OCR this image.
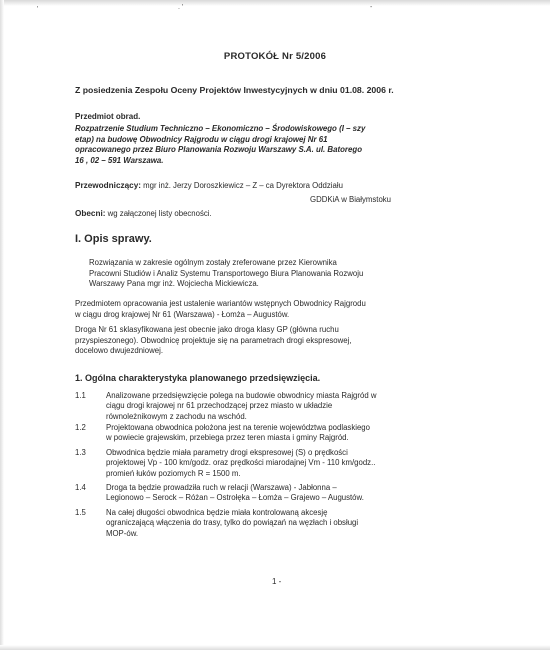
'	. '	-
PROTOKÓŁ Nr 5/2006
Z posiedzenia Zespołu Oceny Projektów Inwestycyjnych w dniu 01.08. 2006 r.
Przedmiot obrad.
Rozpatrzenie Studium Techniczno – Ekonomiczno – Środowiskowego (I – szy
etap) na budowę Obwodnicy Rajgrodu w ciągu drogi krajowej Nr 61
opracowanego przez Biuro Planowania Rozwoju Warszawy S.A. ul. Batorego
16 , 02 – 591 Warszawa.
Przewodniczący: mgr inż. Jerzy Doroszkiewicz – Z – ca Dyrektora Oddziału
GDDKiA w Białymstoku
Obecni: wg załączonej listy obecności.
I. Opis sprawy.
Rozwiązania w zakresie ogólnym zostały zreferowane przez Kierownika
Pracowni Studiów i Analiz Systemu Transportowego Biura Planowania Rozwoju
Warszawy Pana mgr inż. Wojciecha Mickiewicza.
Przedmiotem opracowania jest ustalenie wariantów wstępnych Obwodnicy Rajgrodu
w ciągu drog krajowej Nr 61 (Warszawa) - Łomża – Augustów.
Droga Nr 61 sklasyfikowana jest obecnie jako droga klasy GP (główna ruchu
przyspieszonego). Obwodnicę projektuje się na parametrach drogi ekspresowej,
docelowo dwujezdniowej.
1. Ogólna charakterystyka planowanego przedsięwzięcia.
1.1	Analizowane przedsięwzięcie polega na budowie obwodnicy miasta Rajgród w
ciągu drogi krajowej nr 61 przechodzącej przez miasto w układzie
równoleżnikowym z zachodu na wschód.
1.2	Projektowana obwodnica położona jest na terenie województwa podlaskiego
w powiecie grajewskim, przebiega przez teren miasta i gminy Rajgród.
1.3	Obwodnica będzie miała parametry drogi ekspresowej (S) o prędkości
projektowej Vp - 100 km/godz. oraz prędkości miarodajnej Vm - 110 km/godz..
promień łuków poziomych R = 1500 m.
1.4	Droga ta będzie prowadziła ruch w relacji (Warszawa) - Jabłonna –
Legionowo – Serock – Różan – Ostrołęka – Łomża – Grajewo – Augustów.
1.5	Na całej długości obwodnica będzie miała kontrolowaną akcesję
ograniczającą włączenia do trasy, tylko do powiązań na węzłach i obsługi
MOP-ów.
1 -
